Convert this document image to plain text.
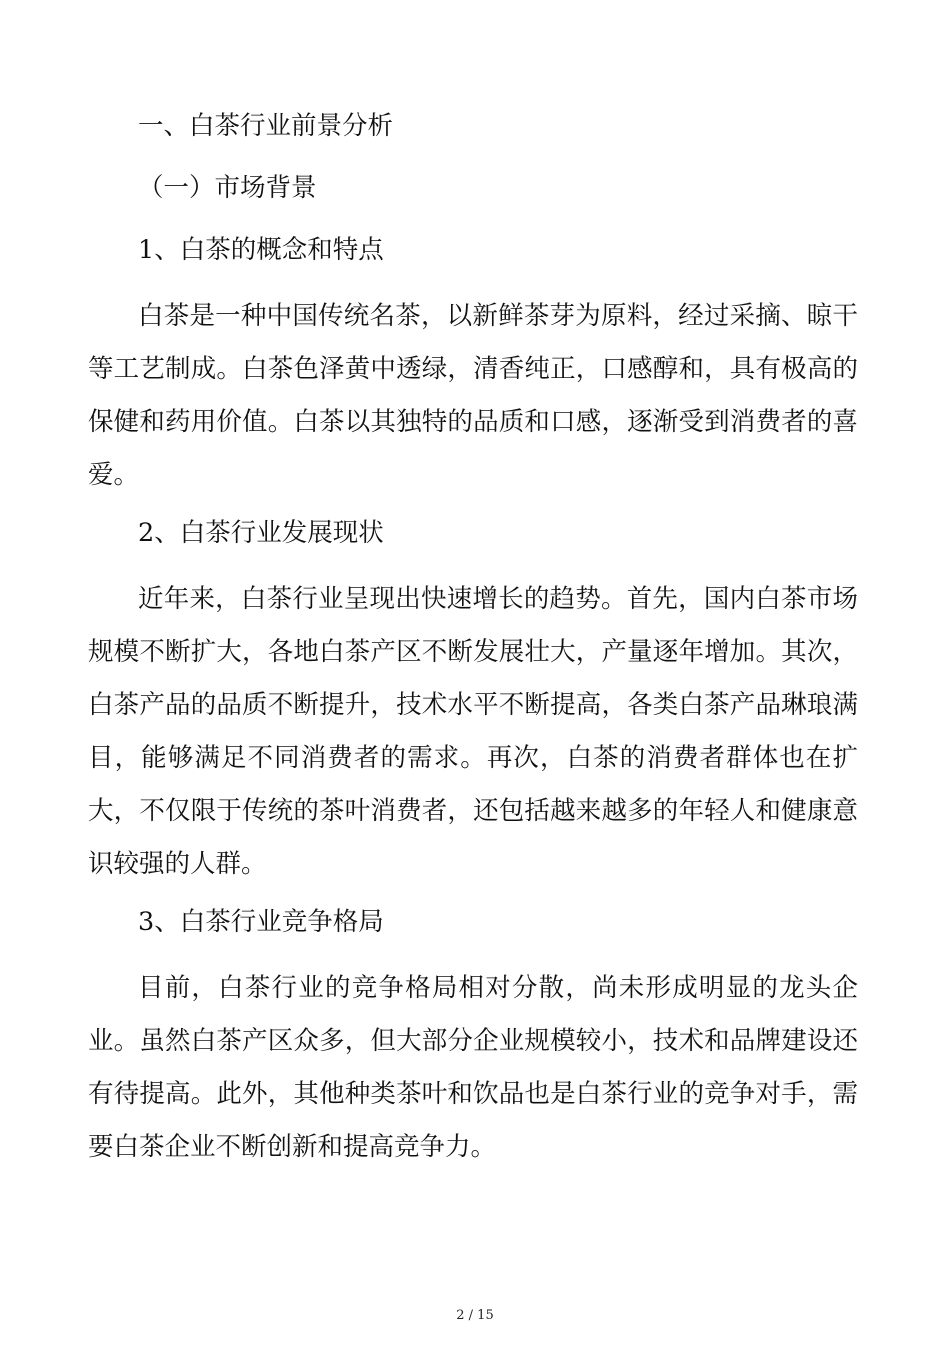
一、白茶行业前景分析

（一）市场背景

1、白茶的概念和特点

白茶是一种中国传统名茶，以新鲜茶芽为原料，经过采摘、晾干等工艺制成。白茶色泽黄中透绿，清香纯正，口感醇和，具有极高的保健和药用价值。白茶以其独特的品质和口感，逐渐受到消费者的喜爱。

2、白茶行业发展现状

近年来，白茶行业呈现出快速增长的趋势。首先，国内白茶市场规模不断扩大，各地白茶产区不断发展壮大，产量逐年增加。其次，白茶产品的品质不断提升，技术水平不断提高，各类白茶产品琳琅满目，能够满足不同消费者的需求。再次，白茶的消费者群体也在扩大，不仅限于传统的茶叶消费者，还包括越来越多的年轻人和健康意识较强的人群。

3、白茶行业竞争格局

目前，白茶行业的竞争格局相对分散，尚未形成明显的龙头企业。虽然白茶产区众多，但大部分企业规模较小，技术和品牌建设还有待提高。此外，其他种类茶叶和饮品也是白茶行业的竞争对手，需要白茶企业不断创新和提高竞争力。

2 / 15
